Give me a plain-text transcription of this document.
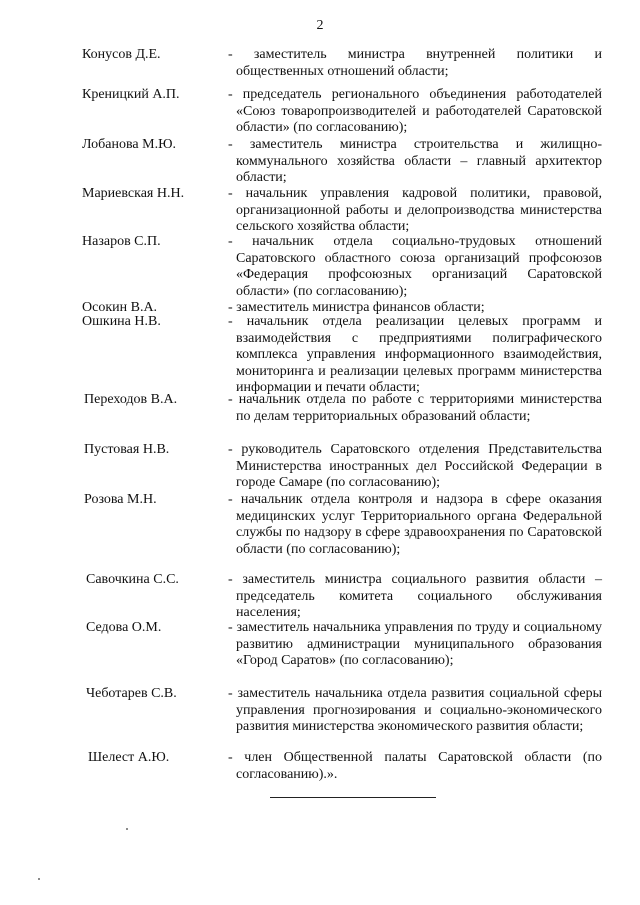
2
Конусов Д.Е.	- заместитель министра внутренней политики и общественных отношений области;
Креницкий А.П.	- председатель регионального объединения работодателей «Союз товаропроизводителей и работодателей Саратовской области» (по согласованию);
Лобанова М.Ю.	- заместитель министра строительства и жилищно-коммунального хозяйства области – главный архитектор области;
Мариевская Н.Н.	- начальник управления кадровой политики, правовой, организационной работы и делопроизводства министерства сельского хозяйства области;
Назаров С.П.	- начальник отдела социально-трудовых отношений Саратовского областного союза организаций профсоюзов «Федерация профсоюзных организаций Саратовской области» (по согласованию);
Осокин В.А.	- заместитель министра финансов области;
Ошкина Н.В.	- начальник отдела реализации целевых программ и взаимодействия с предприятиями полиграфического комплекса управления информационного взаимодействия, мониторинга и реализации целевых программ министерства информации и печати области;
Переходов В.А.	- начальник отдела по работе с территориями министерства по делам территориальных образований области;
Пустовая Н.В.	- руководитель Саратовского отделения Представительства Министерства иностранных дел Российской Федерации в городе Самаре (по согласованию);
Розова М.Н.	- начальник отдела контроля и надзора в сфере оказания медицинских услуг Территориального органа Федеральной службы по надзору в сфере здравоохранения по Саратовской области (по согласованию);
Савочкина С.С.	- заместитель министра социального развития области – председатель комитета социального обслуживания населения;
Седова О.М.	- заместитель начальника управления по труду и социальному развитию администрации муниципального образования «Город Саратов» (по согласованию);
Чеботарев С.В.	- заместитель начальника отдела развития социальной сферы управления прогнозирования и социально-экономического развития министерства экономического развития области;
Шелест А.Ю.	- член Общественной палаты Саратовской области (по согласованию).».
